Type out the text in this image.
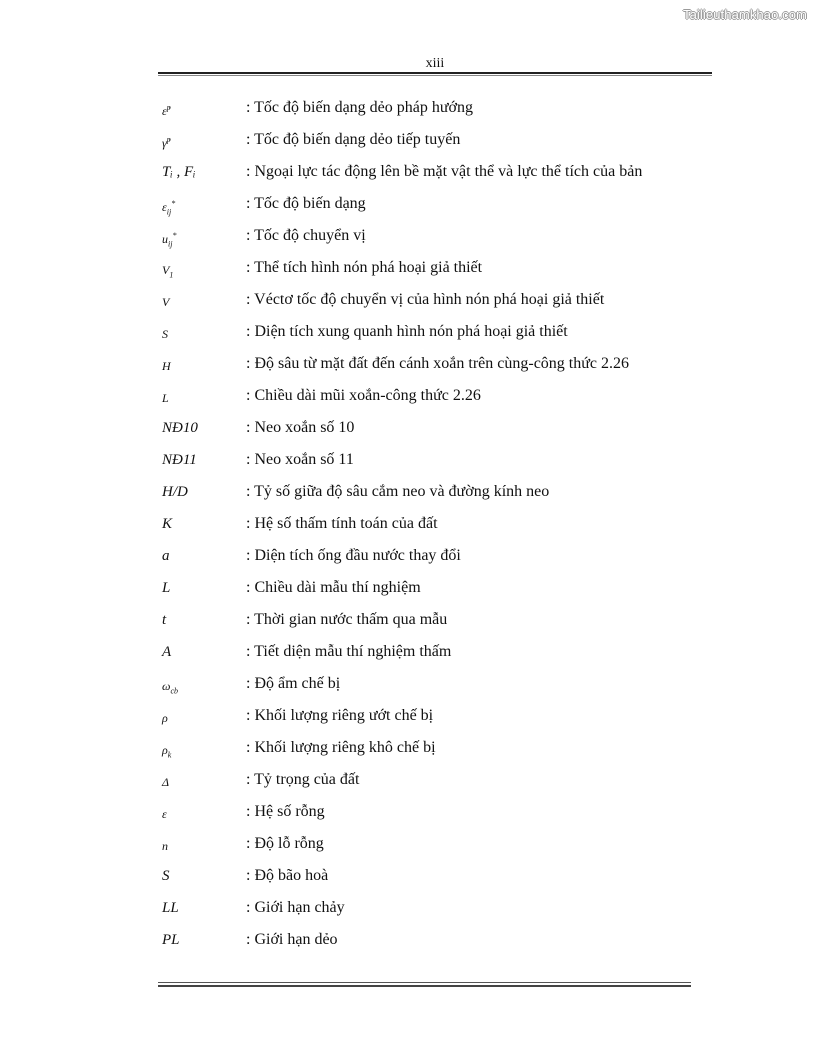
Tailieuthamkhao.com
xiii
ε̇$^p$	: Tốc độ biến dạng dẻo pháp hướng
γ̇$^p$	: Tốc độ biến dạng dẻo tiếp tuyến
Tᵢ , Fᵢ	: Ngoại lực tác động lên bề mặt vật thể và lực thể tích của bản
$\varepsilon_{ij}^*$	: Tốc độ biến dạng
$u_{ij}^*$	: Tốc độ chuyển vị
$V_1$	: Thể tích hình nón phá hoại giả thiết
V	: Véctơ tốc độ chuyển vị của hình nón phá hoại giả thiết
S	: Diện tích xung quanh hình nón phá hoại giả thiết
H	: Độ sâu từ mặt đất đến cánh xoắn trên cùng-công thức 2.26
L	: Chiều dài mũi xoắn-công thức 2.26
NĐ10	: Neo xoắn số 10
NĐ11	: Neo xoắn số 11
H/D	: Tỷ số giữa độ sâu cắm neo và đường kính neo
K	: Hệ số thấm tính toán của đất
a	: Diện tích ống đầu nước thay đổi
L	: Chiều dài mẫu thí nghiệm
t	: Thời gian nước thấm qua mẫu
A	: Tiết diện mẫu thí nghiệm thấm
$\omega_{cb}$	: Độ ẩm chế bị
ρ	: Khối lượng riêng ướt chế bị
$\rho_k$	: Khối lượng riêng khô chế bị
Δ	: Tỷ trọng của đất
ε	: Hệ số rỗng
n	: Độ lỗ rỗng
S	: Độ bão hoà
LL	: Giới hạn chảy
PL	: Giới hạn dẻo
